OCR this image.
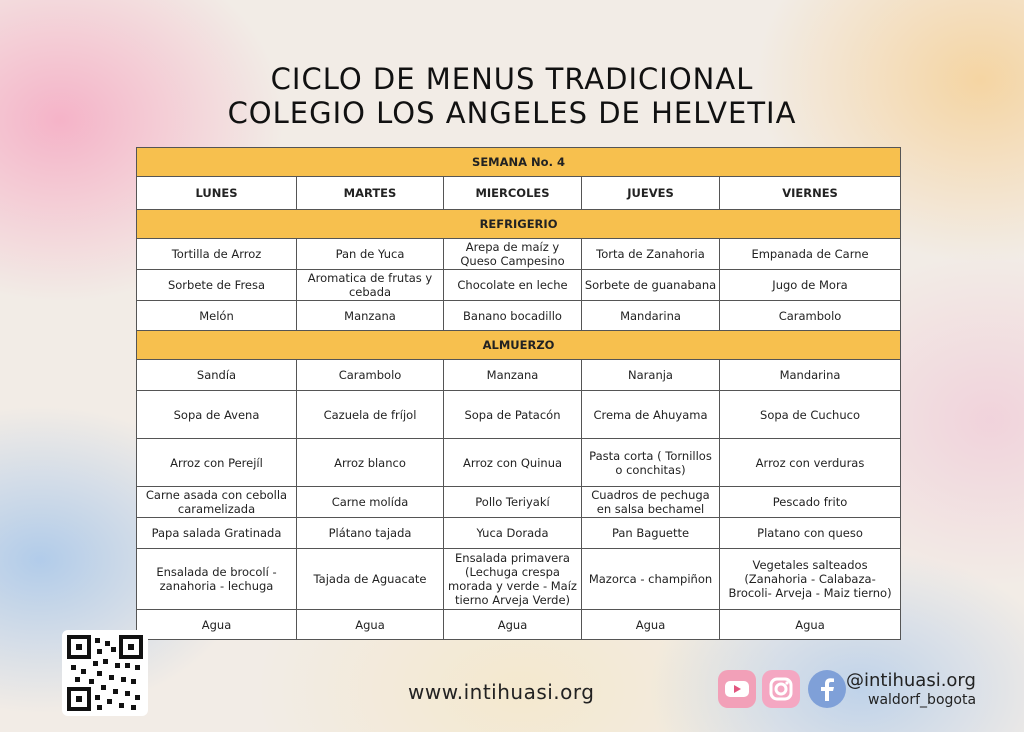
CICLO DE MENUS TRADICIONAL
COLEGIO LOS ANGELES DE HELVETIA
SEMANA No. 4				
LUNES	MARTES	MIERCOLES	JUEVES	VIERNES
REFRIGERIO				
Tortilla de Arroz	Pan de Yuca	Arepa de maíz y Queso Campesino	Torta de Zanahoria	Empanada de Carne
Sorbete de Fresa	Aromatica de frutas y cebada	Chocolate en leche	Sorbete de guanabana	Jugo de Mora
Melón	Manzana	Banano bocadillo	Mandarina	Carambolo
ALMUERZO				
Sandía	Carambolo	Manzana	Naranja	Mandarina
Sopa de Avena	Cazuela de fríjol	Sopa de Patacón	Crema de Ahuyama	Sopa de Cuchuco
Arroz con Perejíl	Arroz blanco	Arroz con Quinua	Pasta corta ( Tornillos o conchitas)	Arroz con verduras
Carne asada con cebolla caramelizada	Carne molída	Pollo Teriyakí	Cuadros de pechuga en salsa bechamel	Pescado frito
Papa salada Gratinada	Plátano tajada	Yuca Dorada	Pan Baguette	Platano con queso
Ensalada de brocolí - zanahoria - lechuga	Tajada de Aguacate	Ensalada primavera (Lechuga crespa morada y verde - Maíz tierno Arveja Verde)	Mazorca - champiñon	Vegetales salteados (Zanahoria - Calabaza- Brocoli- Arveja - Maiz tierno)
Agua	Agua	Agua	Agua	Agua
www.intihuasi.org	@intihuasi.org
waldorf_bogota
